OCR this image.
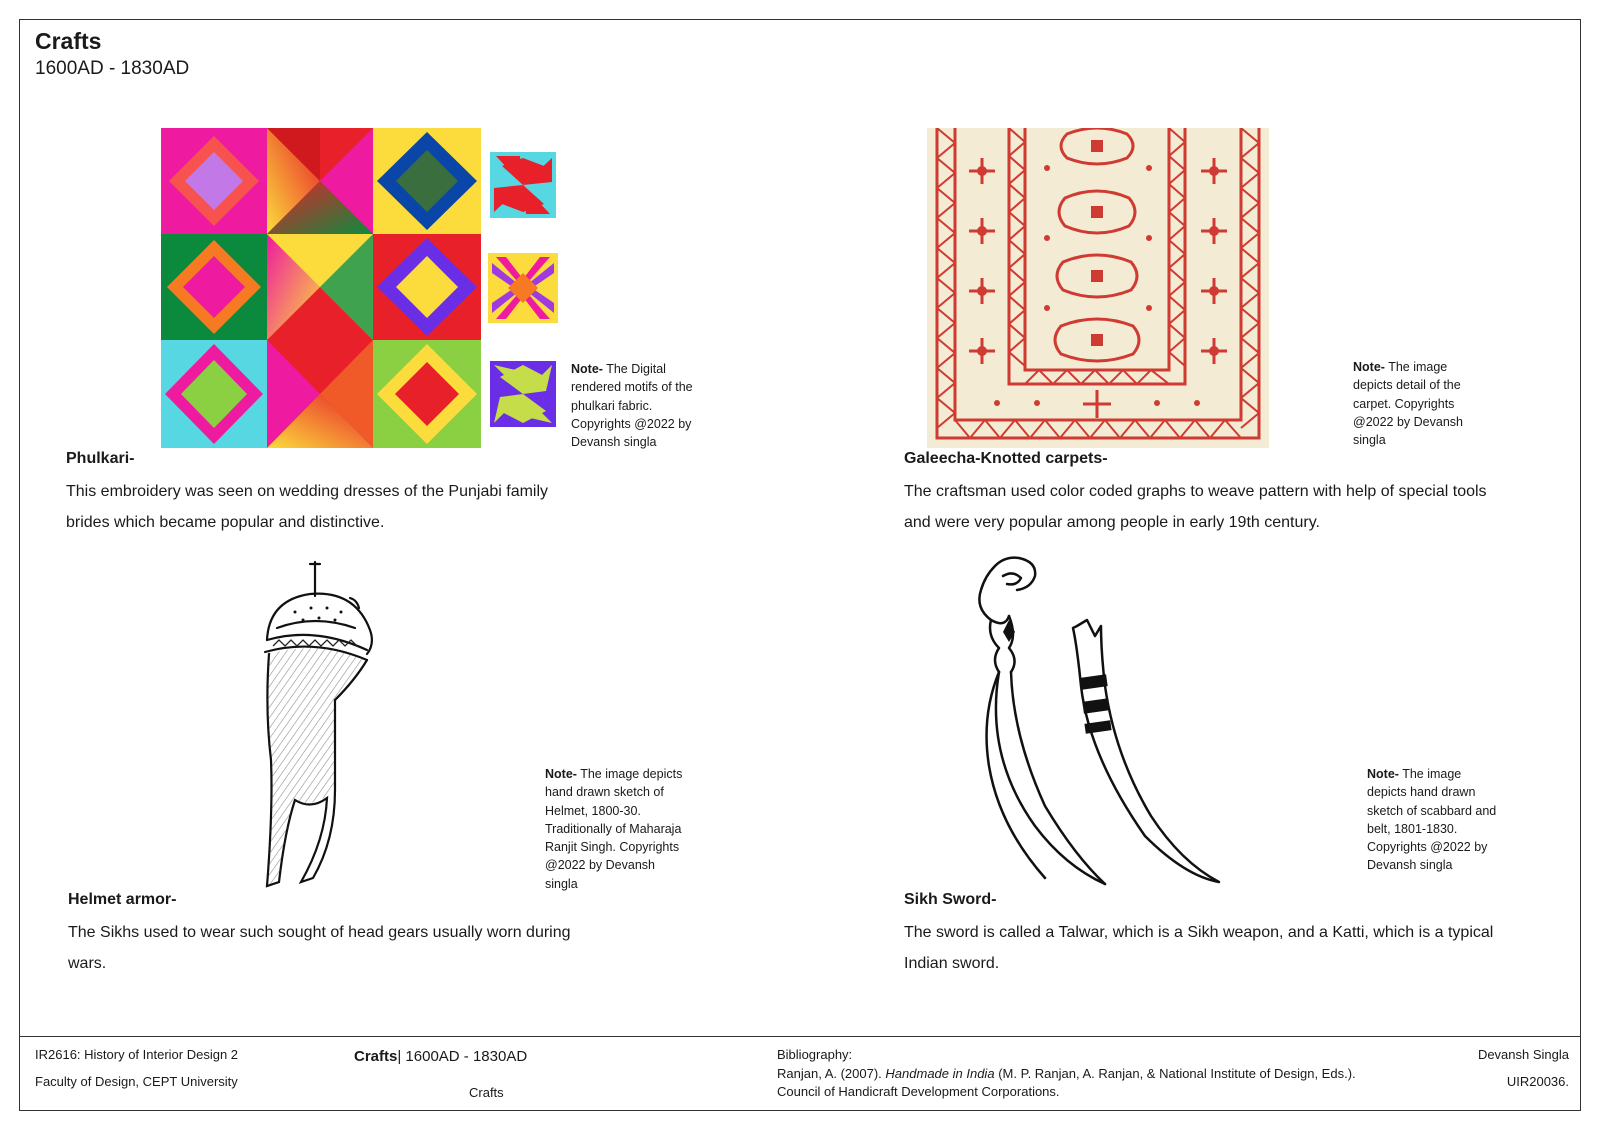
Crafts
1600AD - 1830AD
Note- The Digital rendered motifs of the phulkari fabric. Copyrights @2022 by Devansh singla
Phulkari-
This embroidery was seen on wedding dresses of the Punjabi family brides which became popular and distinctive.
Note- The image depicts detail of the carpet. Copyrights @2022 by Devansh singla
Galeecha-Knotted carpets-
The craftsman used color coded graphs to weave pattern with help of special tools and were very popular among people in early 19th century.
Note- The image depicts hand drawn sketch of Helmet, 1800-30. Traditionally of Maharaja Ranjit Singh. Copyrights @2022 by Devansh singla
Helmet armor-
The Sikhs used to wear such sought of head gears usually worn during wars.
Note- The image depicts hand drawn sketch of scabbard and belt, 1801-1830. Copyrights @2022 by Devansh singla
Sikh Sword-
The sword is called a Talwar, which is a Sikh weapon, and a Katti, which is a typical Indian sword.
IR2616: History of Interior Design 2
Faculty of Design, CEPT University
Crafts| 1600AD - 1830AD
Crafts
Bibliography:
Ranjan, A. (2007). Handmade in India (M. P. Ranjan, A. Ranjan, & National Institute of Design, Eds.). Council of Handicraft Development Corporations.
Devansh Singla
UIR20036.
